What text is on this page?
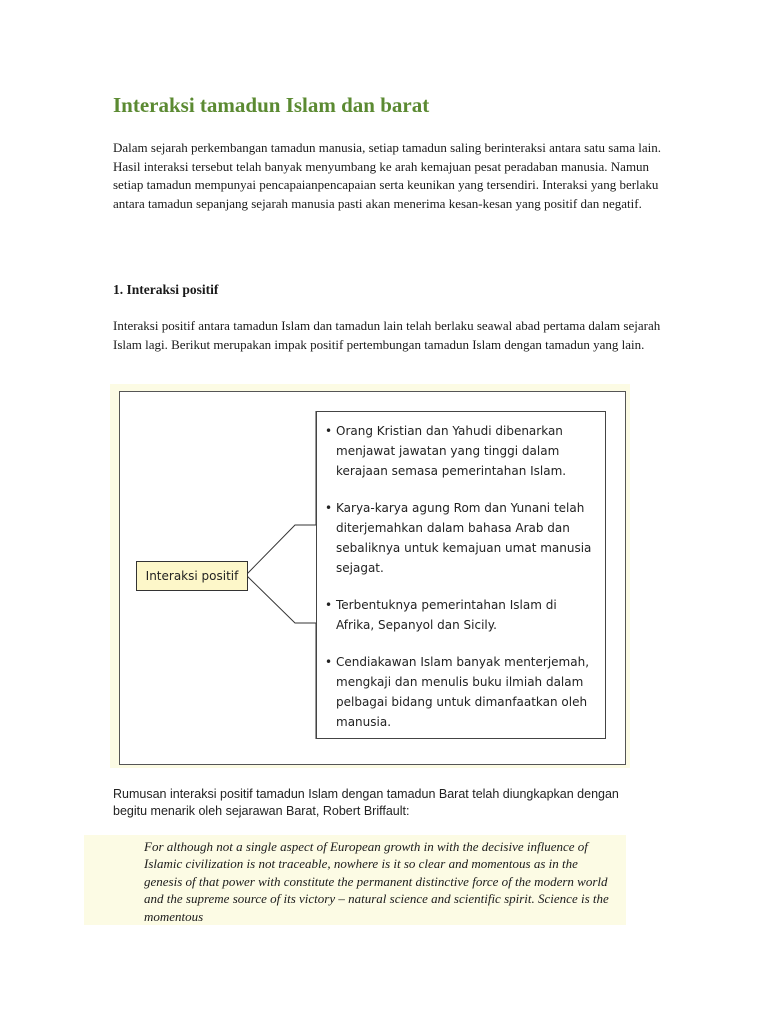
Interaksi tamadun Islam dan barat

Dalam sejarah perkembangan tamadun manusia, setiap tamadun saling berinteraksi antara satu sama lain. Hasil interaksi tersebut telah banyak menyumbang ke arah kemajuan pesat peradaban manusia. Namun setiap tamadun mempunyai pencapaianpencapaian serta keunikan yang tersendiri. Interaksi yang berlaku antara tamadun sepanjang sejarah manusia pasti akan menerima kesan-kesan yang positif dan negatif.

1. Interaksi positif

Interaksi positif antara tamadun Islam dan tamadun lain telah berlaku seawal abad pertama dalam sejarah Islam lagi. Berikut merupakan impak positif pertembungan tamadun Islam dengan tamadun yang lain.

Interaksi positif
• Orang Kristian dan Yahudi dibenarkan menjawat jawatan yang tinggi dalam kerajaan semasa pemerintahan Islam.
• Karya-karya agung Rom dan Yunani telah diterjemahkan dalam bahasa Arab dan sebaliknya untuk kemajuan umat manusia sejagat.
• Terbentuknya pemerintahan Islam di Afrika, Sepanyol dan Sicily.
• Cendiakawan Islam banyak menterjemah, mengkaji dan menulis buku ilmiah dalam pelbagai bidang untuk dimanfaatkan oleh manusia.

Rumusan interaksi positif tamadun Islam dengan tamadun Barat telah diungkapkan dengan begitu menarik oleh sejarawan Barat, Robert Briffault:

For although not a single aspect of European growth in with the decisive influence of Islamic civilization is not traceable, nowhere is it so clear and momentous as in the genesis of that power with constitute the permanent distinctive force of the modern world and the supreme source of its victory – natural science and scientific spirit. Science is the momentous
